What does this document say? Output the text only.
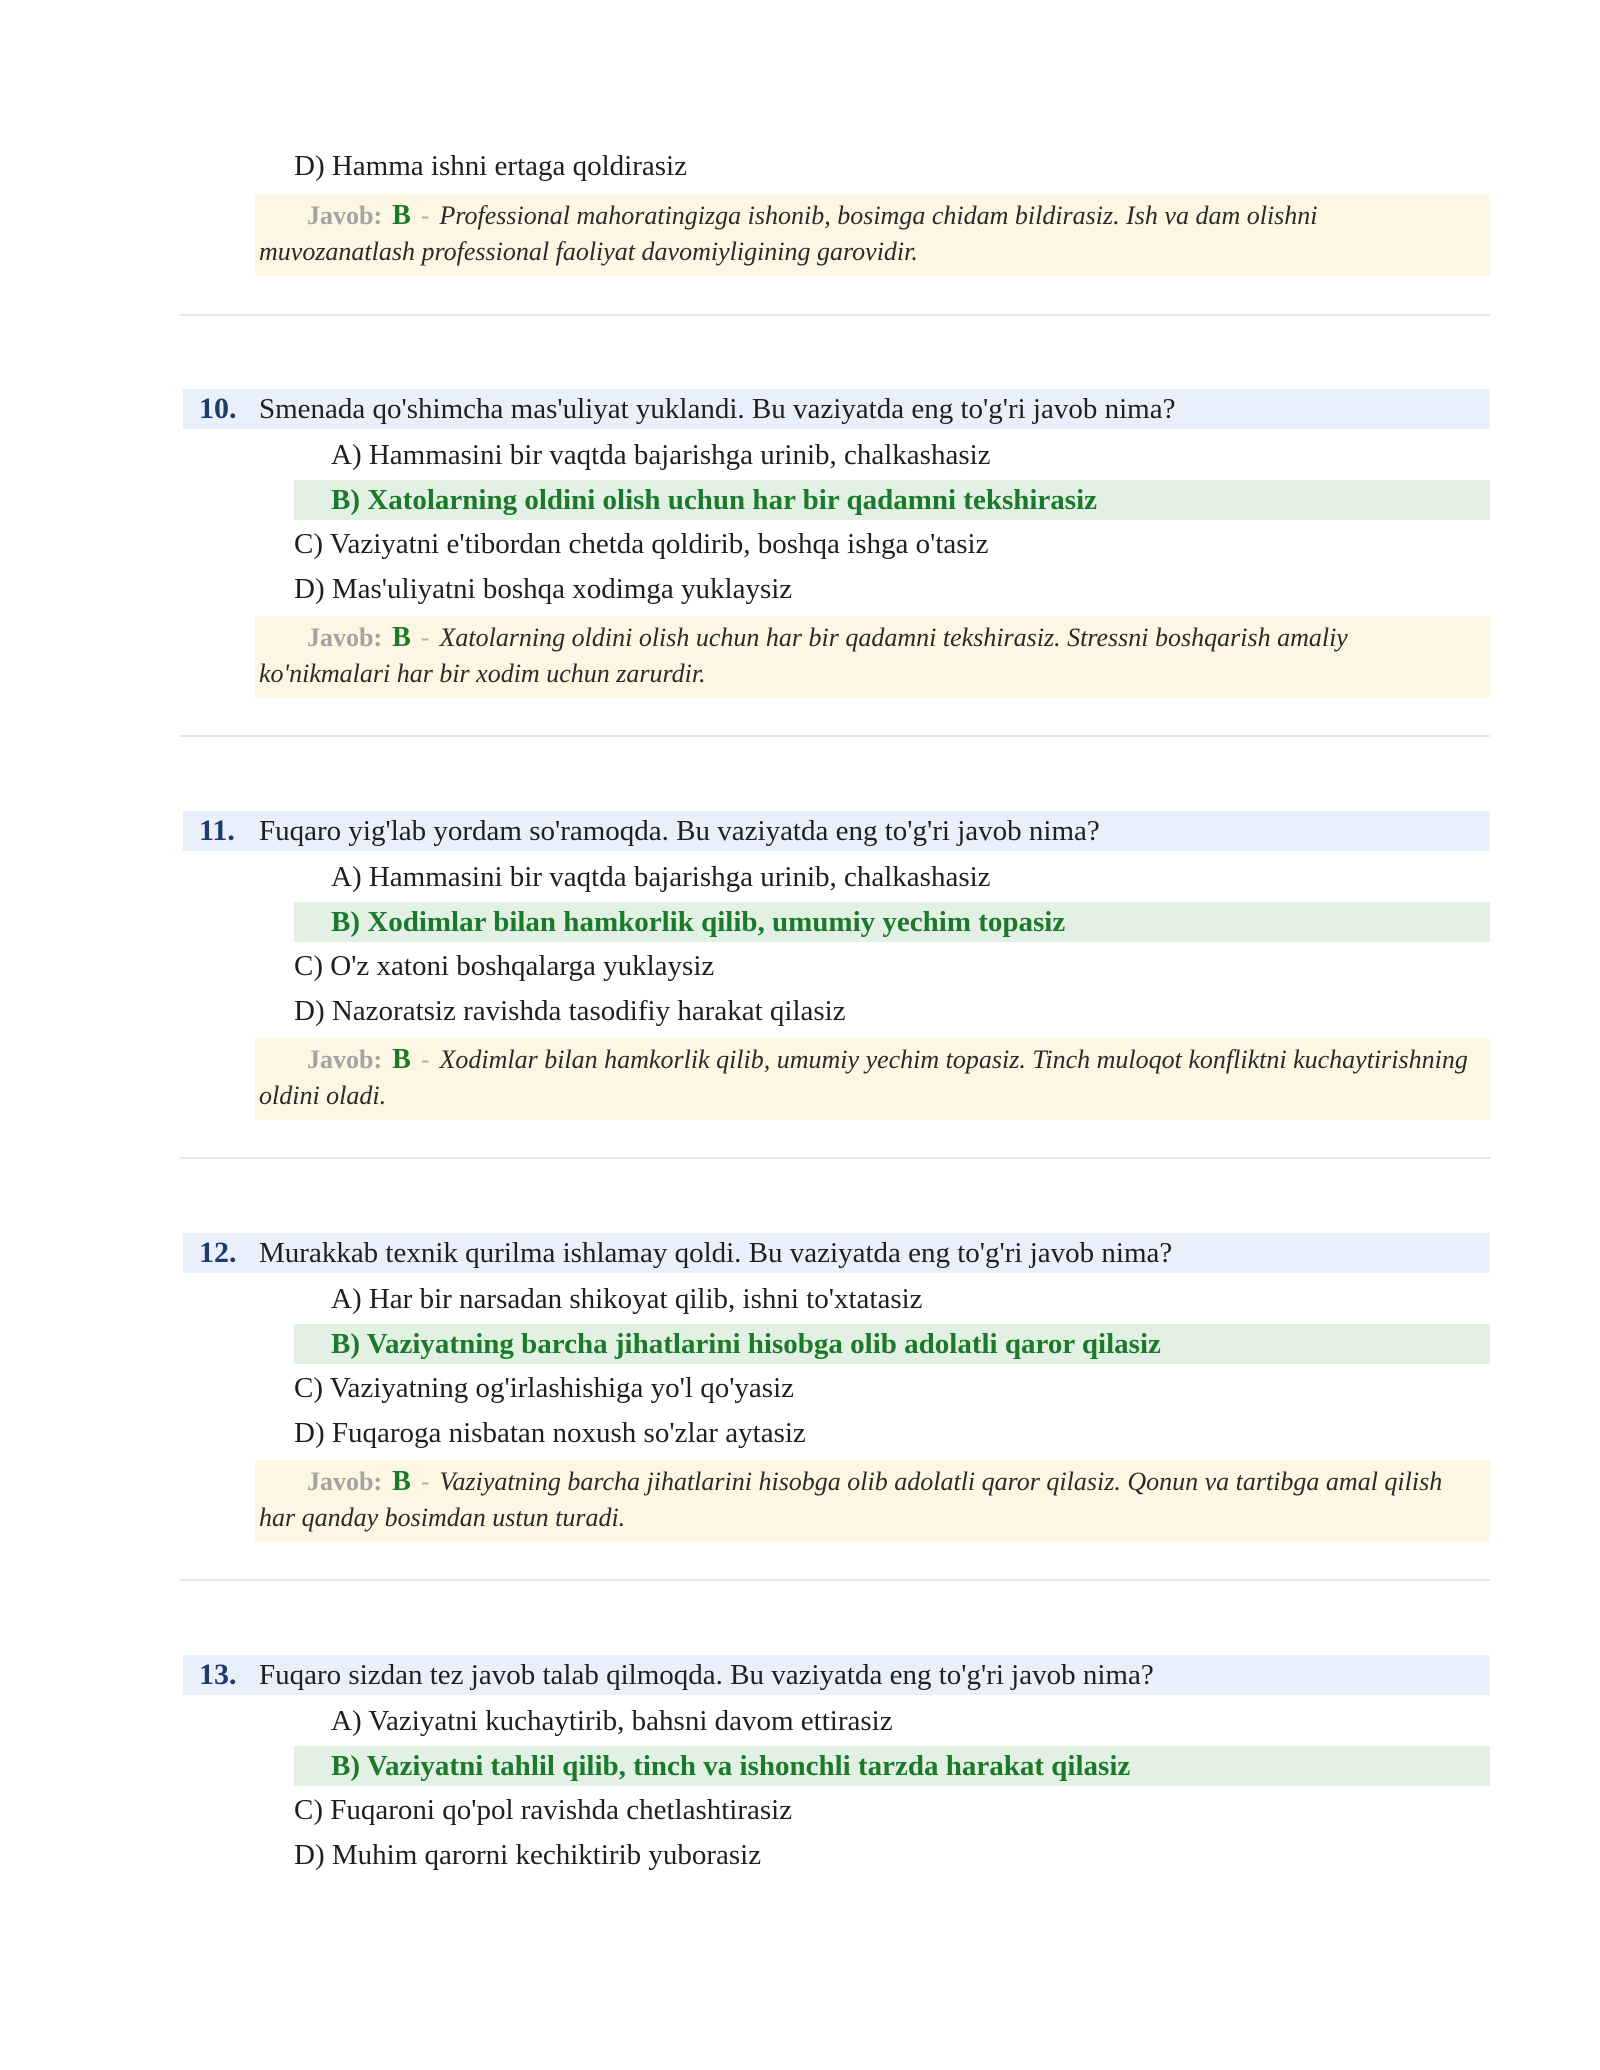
D) Hamma ishni ertaga qoldirasiz
Javob: B - Professional mahoratingizga ishonib, bosimga chidam bildirasiz. Ish va dam olishni muvozanatlash professional faoliyat davomiyligining garovidir.
10. Smenada qo'shimcha mas'uliyat yuklandi. Bu vaziyatda eng to'g'ri javob nima?
A) Hammasini bir vaqtda bajarishga urinib, chalkashasiz
B) Xatolarning oldini olish uchun har bir qadamni tekshirasiz
C) Vaziyatni e'tibordan chetda qoldirib, boshqa ishga o'tasiz
D) Mas'uliyatni boshqa xodimga yuklaysiz
Javob: B - Xatolarning oldini olish uchun har bir qadamni tekshirasiz. Stressni boshqarish amaliy ko'nikmalari har bir xodim uchun zarurdir.
11. Fuqaro yig'lab yordam so'ramoqda. Bu vaziyatda eng to'g'ri javob nima?
A) Hammasini bir vaqtda bajarishga urinib, chalkashasiz
B) Xodimlar bilan hamkorlik qilib, umumiy yechim topasiz
C) O'z xatoni boshqalarga yuklaysiz
D) Nazoratsiz ravishda tasodifiy harakat qilasiz
Javob: B - Xodimlar bilan hamkorlik qilib, umumiy yechim topasiz. Tinch muloqot konfliktni kuchaytirishning oldini oladi.
12. Murakkab texnik qurilma ishlamay qoldi. Bu vaziyatda eng to'g'ri javob nima?
A) Har bir narsadan shikoyat qilib, ishni to'xtatasiz
B) Vaziyatning barcha jihatlarini hisobga olib adolatli qaror qilasiz
C) Vaziyatning og'irlashishiga yo'l qo'yasiz
D) Fuqaroga nisbatan noxush so'zlar aytasiz
Javob: B - Vaziyatning barcha jihatlarini hisobga olib adolatli qaror qilasiz. Qonun va tartibga amal qilish har qanday bosimdan ustun turadi.
13. Fuqaro sizdan tez javob talab qilmoqda. Bu vaziyatda eng to'g'ri javob nima?
A) Vaziyatni kuchaytirib, bahsni davom ettirasiz
B) Vaziyatni tahlil qilib, tinch va ishonchli tarzda harakat qilasiz
C) Fuqaroni qo'pol ravishda chetlashtirasiz
D) Muhim qarorni kechiktirib yuborasiz
